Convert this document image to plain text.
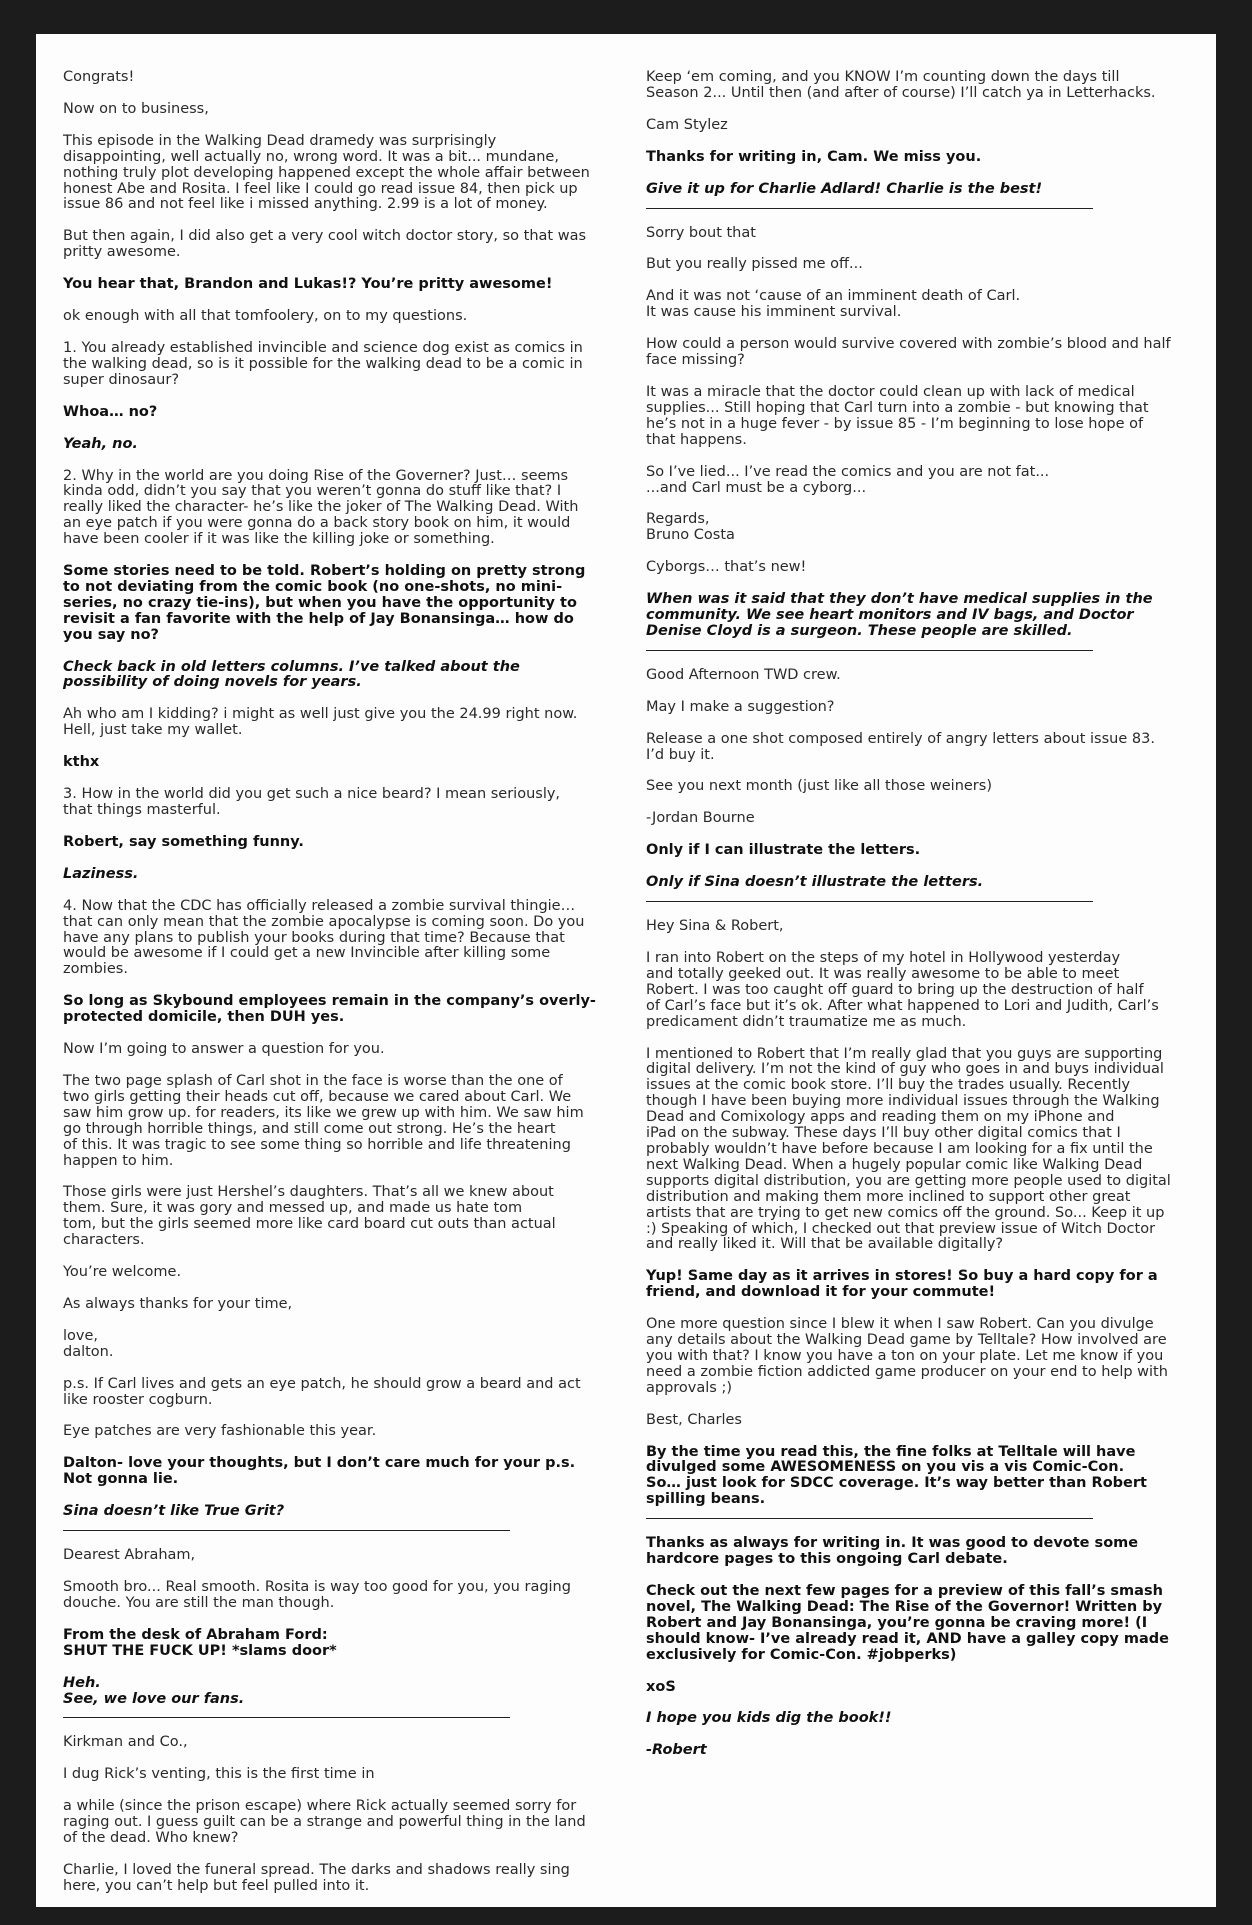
Congrats!

Now on to business,

This episode in the Walking Dead dramedy was surprisingly
disappointing, well actually no, wrong word. It was a bit... mundane,
nothing truly plot developing happened except the whole affair between
honest Abe and Rosita. I feel like I could go read issue 84, then pick up
issue 86 and not feel like i missed anything. 2.99 is a lot of money.

But then again, I did also get a very cool witch doctor story, so that was
pritty awesome.

You hear that, Brandon and Lukas!? You’re pritty awesome!

ok enough with all that tomfoolery, on to my questions.

1. You already established invincible and science dog exist as comics in
the walking dead, so is it possible for the walking dead to be a comic in
super dinosaur?

Whoa… no?

Yeah, no.

2. Why in the world are you doing Rise of the Governer? Just… seems
kinda odd, didn’t you say that you weren’t gonna do stuff like that? I
really liked the character- he’s like the joker of The Walking Dead. With
an eye patch if you were gonna do a back story book on him, it would
have been cooler if it was like the killing joke or something.

Some stories need to be told. Robert’s holding on pretty strong
to not deviating from the comic book (no one-shots, no mini-
series, no crazy tie-ins), but when you have the opportunity to
revisit a fan favorite with the help of Jay Bonansinga… how do
you say no?

Check back in old letters columns. I’ve talked about the
possibility of doing novels for years.

Ah who am I kidding? i might as well just give you the 24.99 right now.
Hell, just take my wallet.

kthx

3. How in the world did you get such a nice beard? I mean seriously,
that things masterful.

Robert, say something funny.

Laziness.

4. Now that the CDC has officially released a zombie survival thingie…
that can only mean that the zombie apocalypse is coming soon. Do you
have any plans to publish your books during that time? Because that
would be awesome if I could get a new Invincible after killing some
zombies.

So long as Skybound employees remain in the company’s overly-
protected domicile, then DUH yes.

Now I’m going to answer a question for you.

The two page splash of Carl shot in the face is worse than the one of
two girls getting their heads cut off, because we cared about Carl. We
saw him grow up. for readers, its like we grew up with him. We saw him
go through horrible things, and still come out strong. He’s the heart
of this. It was tragic to see some thing so horrible and life threatening
happen to him.

Those girls were just Hershel’s daughters. That’s all we knew about
them. Sure, it was gory and messed up, and made us hate tom
tom, but the girls seemed more like card board cut outs than actual
characters.

You’re welcome.

As always thanks for your time,

love,
dalton.

p.s. If Carl lives and gets an eye patch, he should grow a beard and act
like rooster cogburn.

Eye patches are very fashionable this year.

Dalton- love your thoughts, but I don’t care much for your p.s.
Not gonna lie.

Sina doesn’t like True Grit?

Dearest Abraham,

Smooth bro... Real smooth. Rosita is way too good for you, you raging
douche. You are still the man though.

From the desk of Abraham Ford:
SHUT THE FUCK UP! *slams door*

Heh.
See, we love our fans.

Kirkman and Co.,

I dug Rick’s venting, this is the first time in

a while (since the prison escape) where Rick actually seemed sorry for
raging out. I guess guilt can be a strange and powerful thing in the land
of the dead. Who knew?

Charlie, I loved the funeral spread. The darks and shadows really sing
here, you can’t help but feel pulled into it.

Keep ‘em coming, and you KNOW I’m counting down the days till
Season 2... Until then (and after of course) I’ll catch ya in Letterhacks.

Cam Stylez

Thanks for writing in, Cam. We miss you.

Give it up for Charlie Adlard! Charlie is the best!

Sorry bout that

But you really pissed me off...

And it was not ‘cause of an imminent death of Carl.
It was cause his imminent survival.

How could a person would survive covered with zombie’s blood and half
face missing?

It was a miracle that the doctor could clean up with lack of medical
supplies... Still hoping that Carl turn into a zombie - but knowing that
he’s not in a huge fever - by issue 85 - I’m beginning to lose hope of
that happens.

So I’ve lied... I’ve read the comics and you are not fat...
...and Carl must be a cyborg...

Regards,
Bruno Costa

Cyborgs… that’s new!

When was it said that they don’t have medical supplies in the
community. We see heart monitors and IV bags, and Doctor
Denise Cloyd is a surgeon. These people are skilled.

Good Afternoon TWD crew.

May I make a suggestion?

Release a one shot composed entirely of angry letters about issue 83.
I’d buy it.

See you next month (just like all those weiners)

-Jordan Bourne

Only if I can illustrate the letters.

Only if Sina doesn’t illustrate the letters.

Hey Sina & Robert,

I ran into Robert on the steps of my hotel in Hollywood yesterday
and totally geeked out. It was really awesome to be able to meet
Robert. I was too caught off guard to bring up the destruction of half
of Carl’s face but it’s ok. After what happened to Lori and Judith, Carl’s
predicament didn’t traumatize me as much.

I mentioned to Robert that I’m really glad that you guys are supporting
digital delivery. I’m not the kind of guy who goes in and buys individual
issues at the comic book store. I’ll buy the trades usually. Recently
though I have been buying more individual issues through the Walking
Dead and Comixology apps and reading them on my iPhone and
iPad on the subway. These days I’ll buy other digital comics that I
probably wouldn’t have before because I am looking for a fix until the
next Walking Dead. When a hugely popular comic like Walking Dead
supports digital distribution, you are getting more people used to digital
distribution and making them more inclined to support other great
artists that are trying to get new comics off the ground. So... Keep it up
:) Speaking of which, I checked out that preview issue of Witch Doctor
and really liked it. Will that be available digitally?

Yup! Same day as it arrives in stores! So buy a hard copy for a
friend, and download it for your commute!

One more question since I blew it when I saw Robert. Can you divulge
any details about the Walking Dead game by Telltale? How involved are
you with that? I know you have a ton on your plate. Let me know if you
need a zombie fiction addicted game producer on your end to help with
approvals ;)

Best, Charles

By the time you read this, the fine folks at Telltale will have
divulged some AWESOMENESS on you vis a vis Comic-Con.
So… just look for SDCC coverage. It’s way better than Robert
spilling beans.

Thanks as always for writing in. It was good to devote some
hardcore pages to this ongoing Carl debate.

Check out the next few pages for a preview of this fall’s smash
novel, The Walking Dead: The Rise of the Governor! Written by
Robert and Jay Bonansinga, you’re gonna be craving more! (I
should know- I’ve already read it, AND have a galley copy made
exclusively for Comic-Con. #jobperks)

xoS

I hope you kids dig the book!!

-Robert
